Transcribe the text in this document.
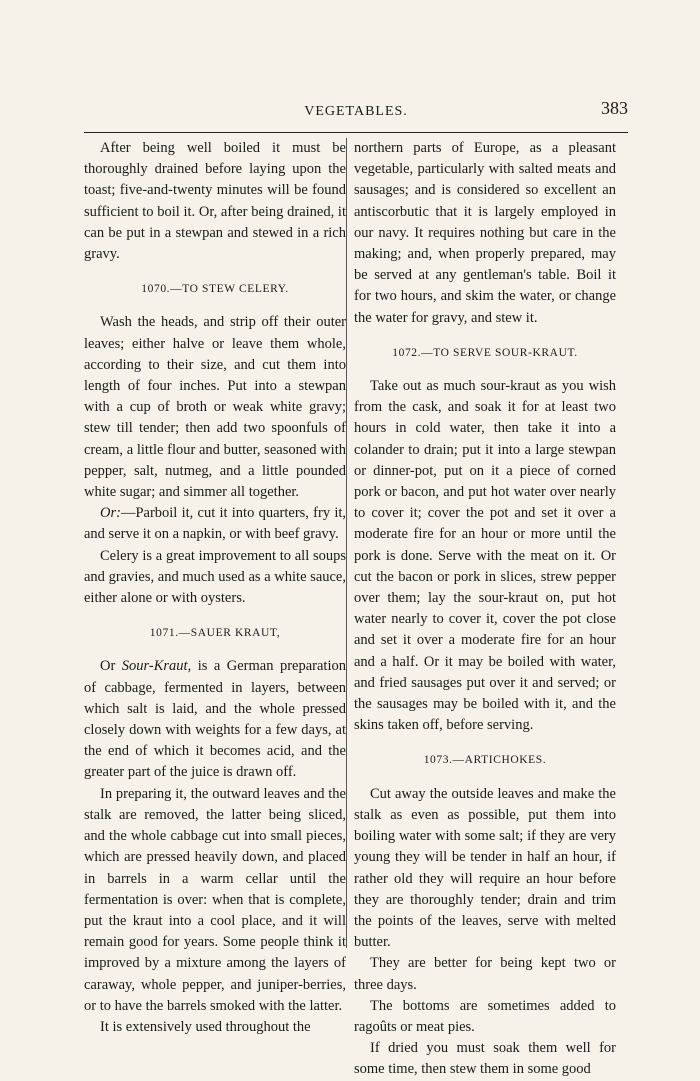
VEGETABLES.	383

After being well boiled it must be thoroughly drained before laying upon the toast; five-and-twenty minutes will be found sufficient to boil it. Or, after being drained, it can be put in a stewpan and stewed in a rich gravy.

1070.—TO STEW CELERY.

Wash the heads, and strip off their outer leaves; either halve or leave them whole, according to their size, and cut them into length of four inches. Put into a stewpan with a cup of broth or weak white gravy; stew till tender; then add two spoonfuls of cream, a little flour and butter, seasoned with pepper, salt, nutmeg, and a little pounded white sugar; and simmer all together.

Or:—Parboil it, cut it into quarters, fry it, and serve it on a napkin, or with beef gravy.

Celery is a great improvement to all soups and gravies, and much used as a white sauce, either alone or with oysters.

1071.—SAUER KRAUT,

Or Sour-Kraut, is a German preparation of cabbage, fermented in layers, between which salt is laid, and the whole pressed closely down with weights for a few days, at the end of which it becomes acid, and the greater part of the juice is drawn off.

In preparing it, the outward leaves and the stalk are removed, the latter being sliced, and the whole cabbage cut into small pieces, which are pressed heavily down, and placed in barrels in a warm cellar until the fermentation is over: when that is complete, put the kraut into a cool place, and it will remain good for years. Some people think it improved by a mixture among the layers of caraway, whole pepper, and juniper-berries, or to have the barrels smoked with the latter.

It is extensively used throughout the

northern parts of Europe, as a pleasant vegetable, particularly with salted meats and sausages; and is considered so excellent an antiscorbutic that it is largely employed in our navy. It requires nothing but care in the making; and, when properly prepared, may be served at any gentleman's table. Boil it for two hours, and skim the water, or change the water for gravy, and stew it.

1072.—TO SERVE SOUR-KRAUT.

Take out as much sour-kraut as you wish from the cask, and soak it for at least two hours in cold water, then take it into a colander to drain; put it into a large stewpan or dinner-pot, put on it a piece of corned pork or bacon, and put hot water over nearly to cover it; cover the pot and set it over a moderate fire for an hour or more until the pork is done. Serve with the meat on it. Or cut the bacon or pork in slices, strew pepper over them; lay the sour-kraut on, put hot water nearly to cover it, cover the pot close and set it over a moderate fire for an hour and a half. Or it may be boiled with water, and fried sausages put over it and served; or the sausages may be boiled with it, and the skins taken off, before serving.

1073.—ARTICHOKES.

Cut away the outside leaves and make the stalk as even as possible, put them into boiling water with some salt; if they are very young they will be tender in half an hour, if rather old they will require an hour before they are thoroughly tender; drain and trim the points of the leaves, serve with melted butter.

They are better for being kept two or three days.

The bottoms are sometimes added to ragoûts or meat pies.

If dried you must soak them well for some time, then stew them in some good
